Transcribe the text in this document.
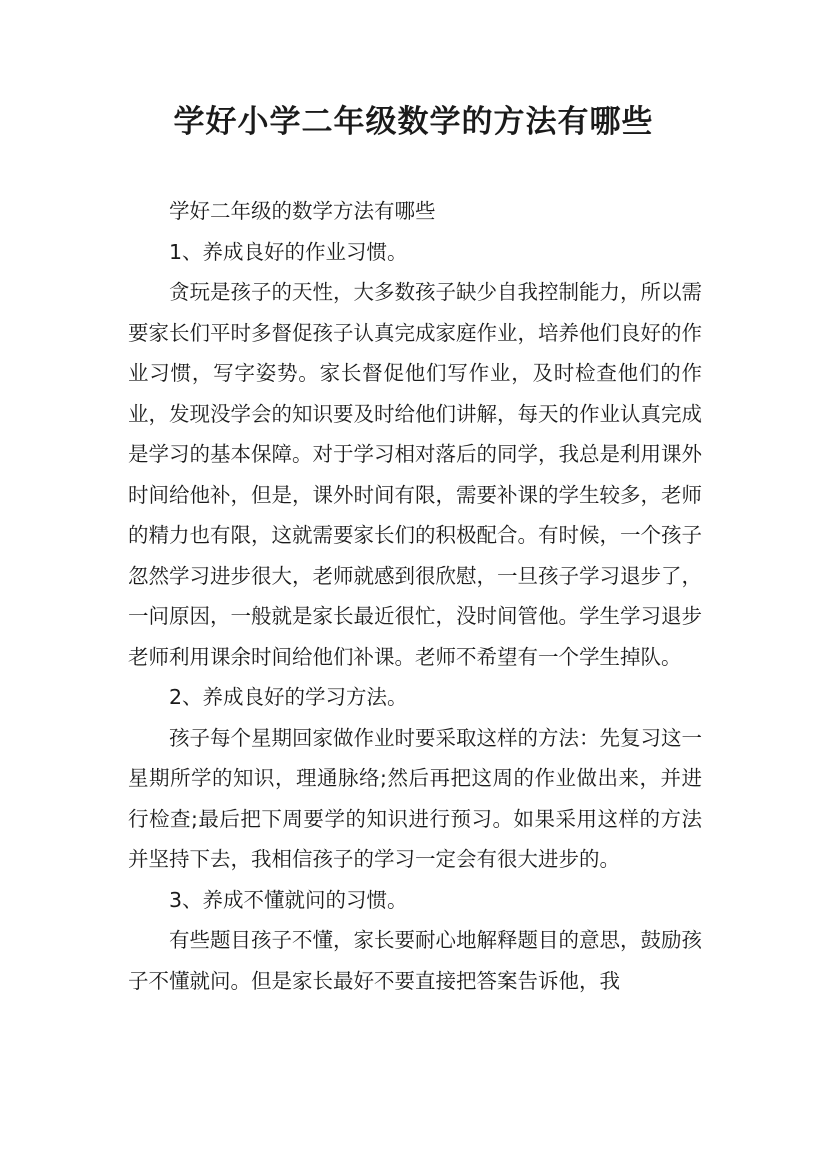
学好小学二年级数学的方法有哪些

学好二年级的数学方法有哪些

1、养成良好的作业习惯。

贪玩是孩子的天性，大多数孩子缺少自我控制能力，所以需要家长们平时多督促孩子认真完成家庭作业，培养他们良好的作业习惯，写字姿势。家长督促他们写作业，及时检查他们的作业，发现没学会的知识要及时给他们讲解，每天的作业认真完成是学习的基本保障。对于学习相对落后的同学，我总是利用课外时间给他补，但是，课外时间有限，需要补课的学生较多，老师的精力也有限，这就需要家长们的积极配合。有时候，一个孩子忽然学习进步很大，老师就感到很欣慰，一旦孩子学习退步了，一问原因，一般就是家长最近很忙，没时间管他。学生学习退步老师利用课余时间给他们补课。老师不希望有一个学生掉队。

2、养成良好的学习方法。

孩子每个星期回家做作业时要采取这样的方法：先复习这一星期所学的知识，理通脉络;然后再把这周的作业做出来，并进行检查;最后把下周要学的知识进行预习。如果采用这样的方法并坚持下去，我相信孩子的学习一定会有很大进步的。

3、养成不懂就问的习惯。

有些题目孩子不懂，家长要耐心地解释题目的意思，鼓励孩子不懂就问。但是家长最好不要直接把答案告诉他，我
